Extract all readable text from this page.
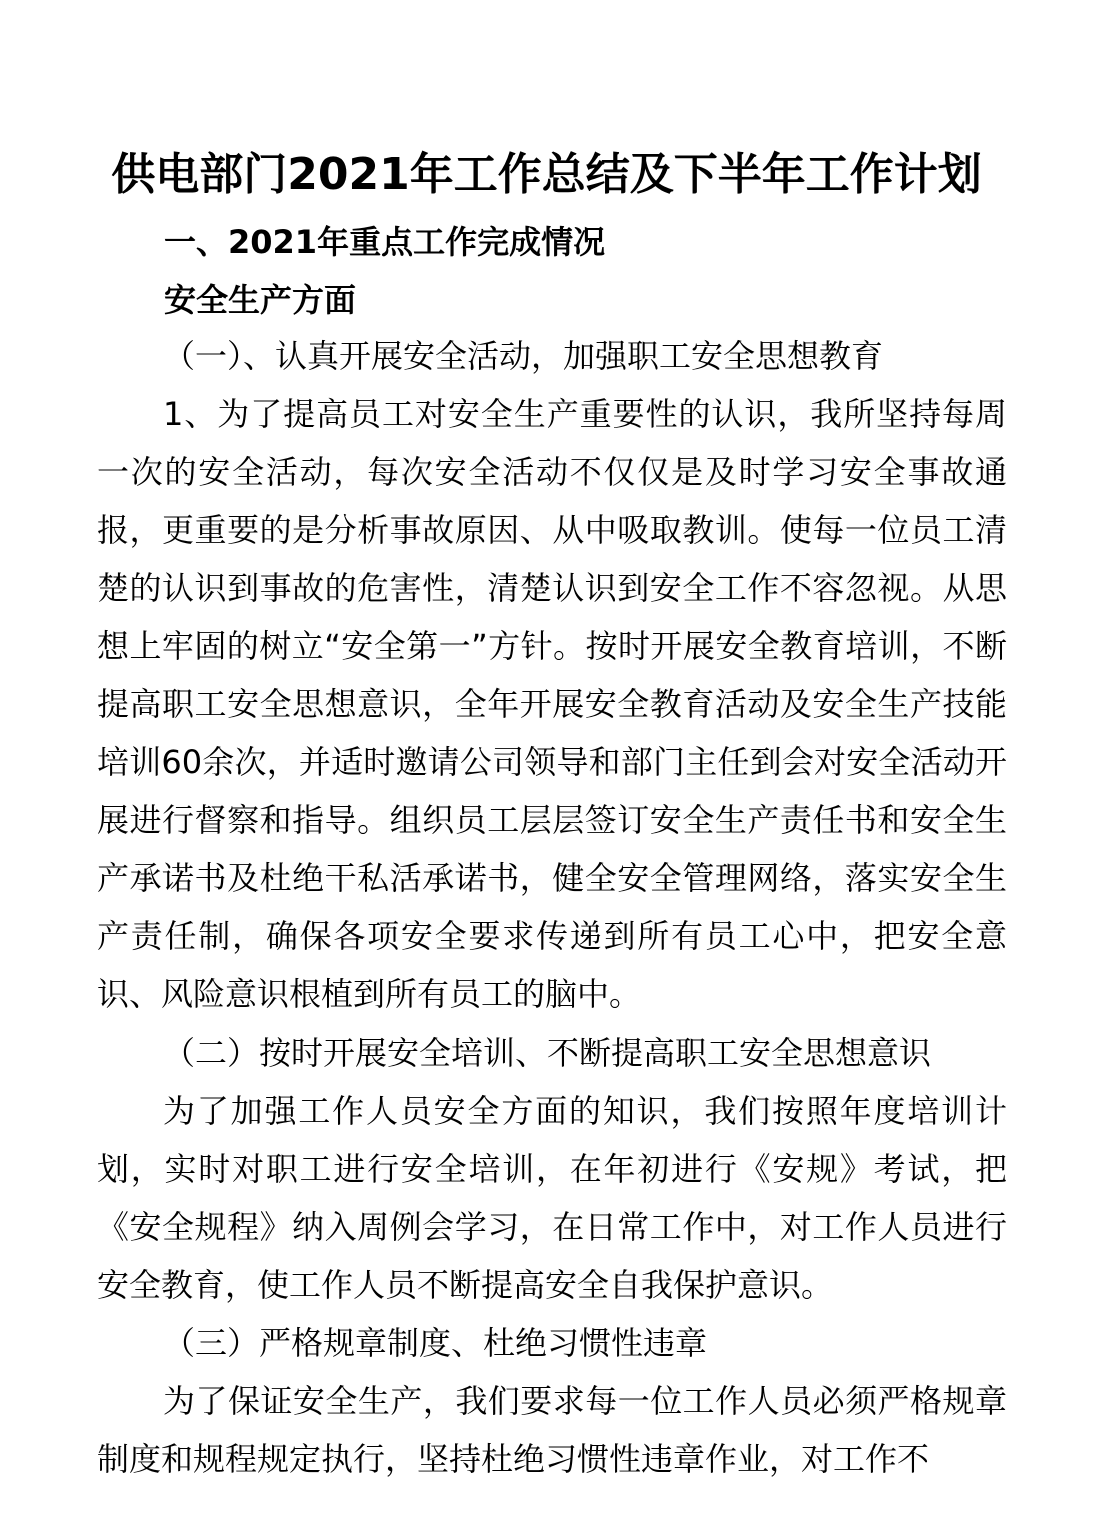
供电部门2021年工作总结及下半年工作计划
一、2021年重点工作完成情况
安全生产方面

（一）、认真开展安全活动，加强职工安全思想教育

1、为了提高员工对安全生产重要性的认识，我所坚持每周一次的安全活动，每次安全活动不仅仅是及时学习安全事故通报，更重要的是分析事故原因、从中吸取教训。使每一位员工清楚的认识到事故的危害性，清楚认识到安全工作不容忽视。从思想上牢固的树立“安全第一”方针。按时开展安全教育培训，不断提高职工安全思想意识，全年开展安全教育活动及安全生产技能培训60余次，并适时邀请公司领导和部门主任到会对安全活动开展进行督察和指导。组织员工层层签订安全生产责任书和安全生产承诺书及杜绝干私活承诺书，健全安全管理网络，落实安全生产责任制，确保各项安全要求传递到所有员工心中，把安全意识、风险意识根植到所有员工的脑中。

（二）按时开展安全培训、不断提高职工安全思想意识

为了加强工作人员安全方面的知识，我们按照年度培训计划，实时对职工进行安全培训，在年初进行《安规》考试，把《安全规程》纳入周例会学习，在日常工作中，对工作人员进行安全教育，使工作人员不断提高安全自我保护意识。

（三）严格规章制度、杜绝习惯性违章

为了保证安全生产，我们要求每一位工作人员必须严格规章制度和规程规定执行，坚持杜绝习惯性违章作业，对工作不
